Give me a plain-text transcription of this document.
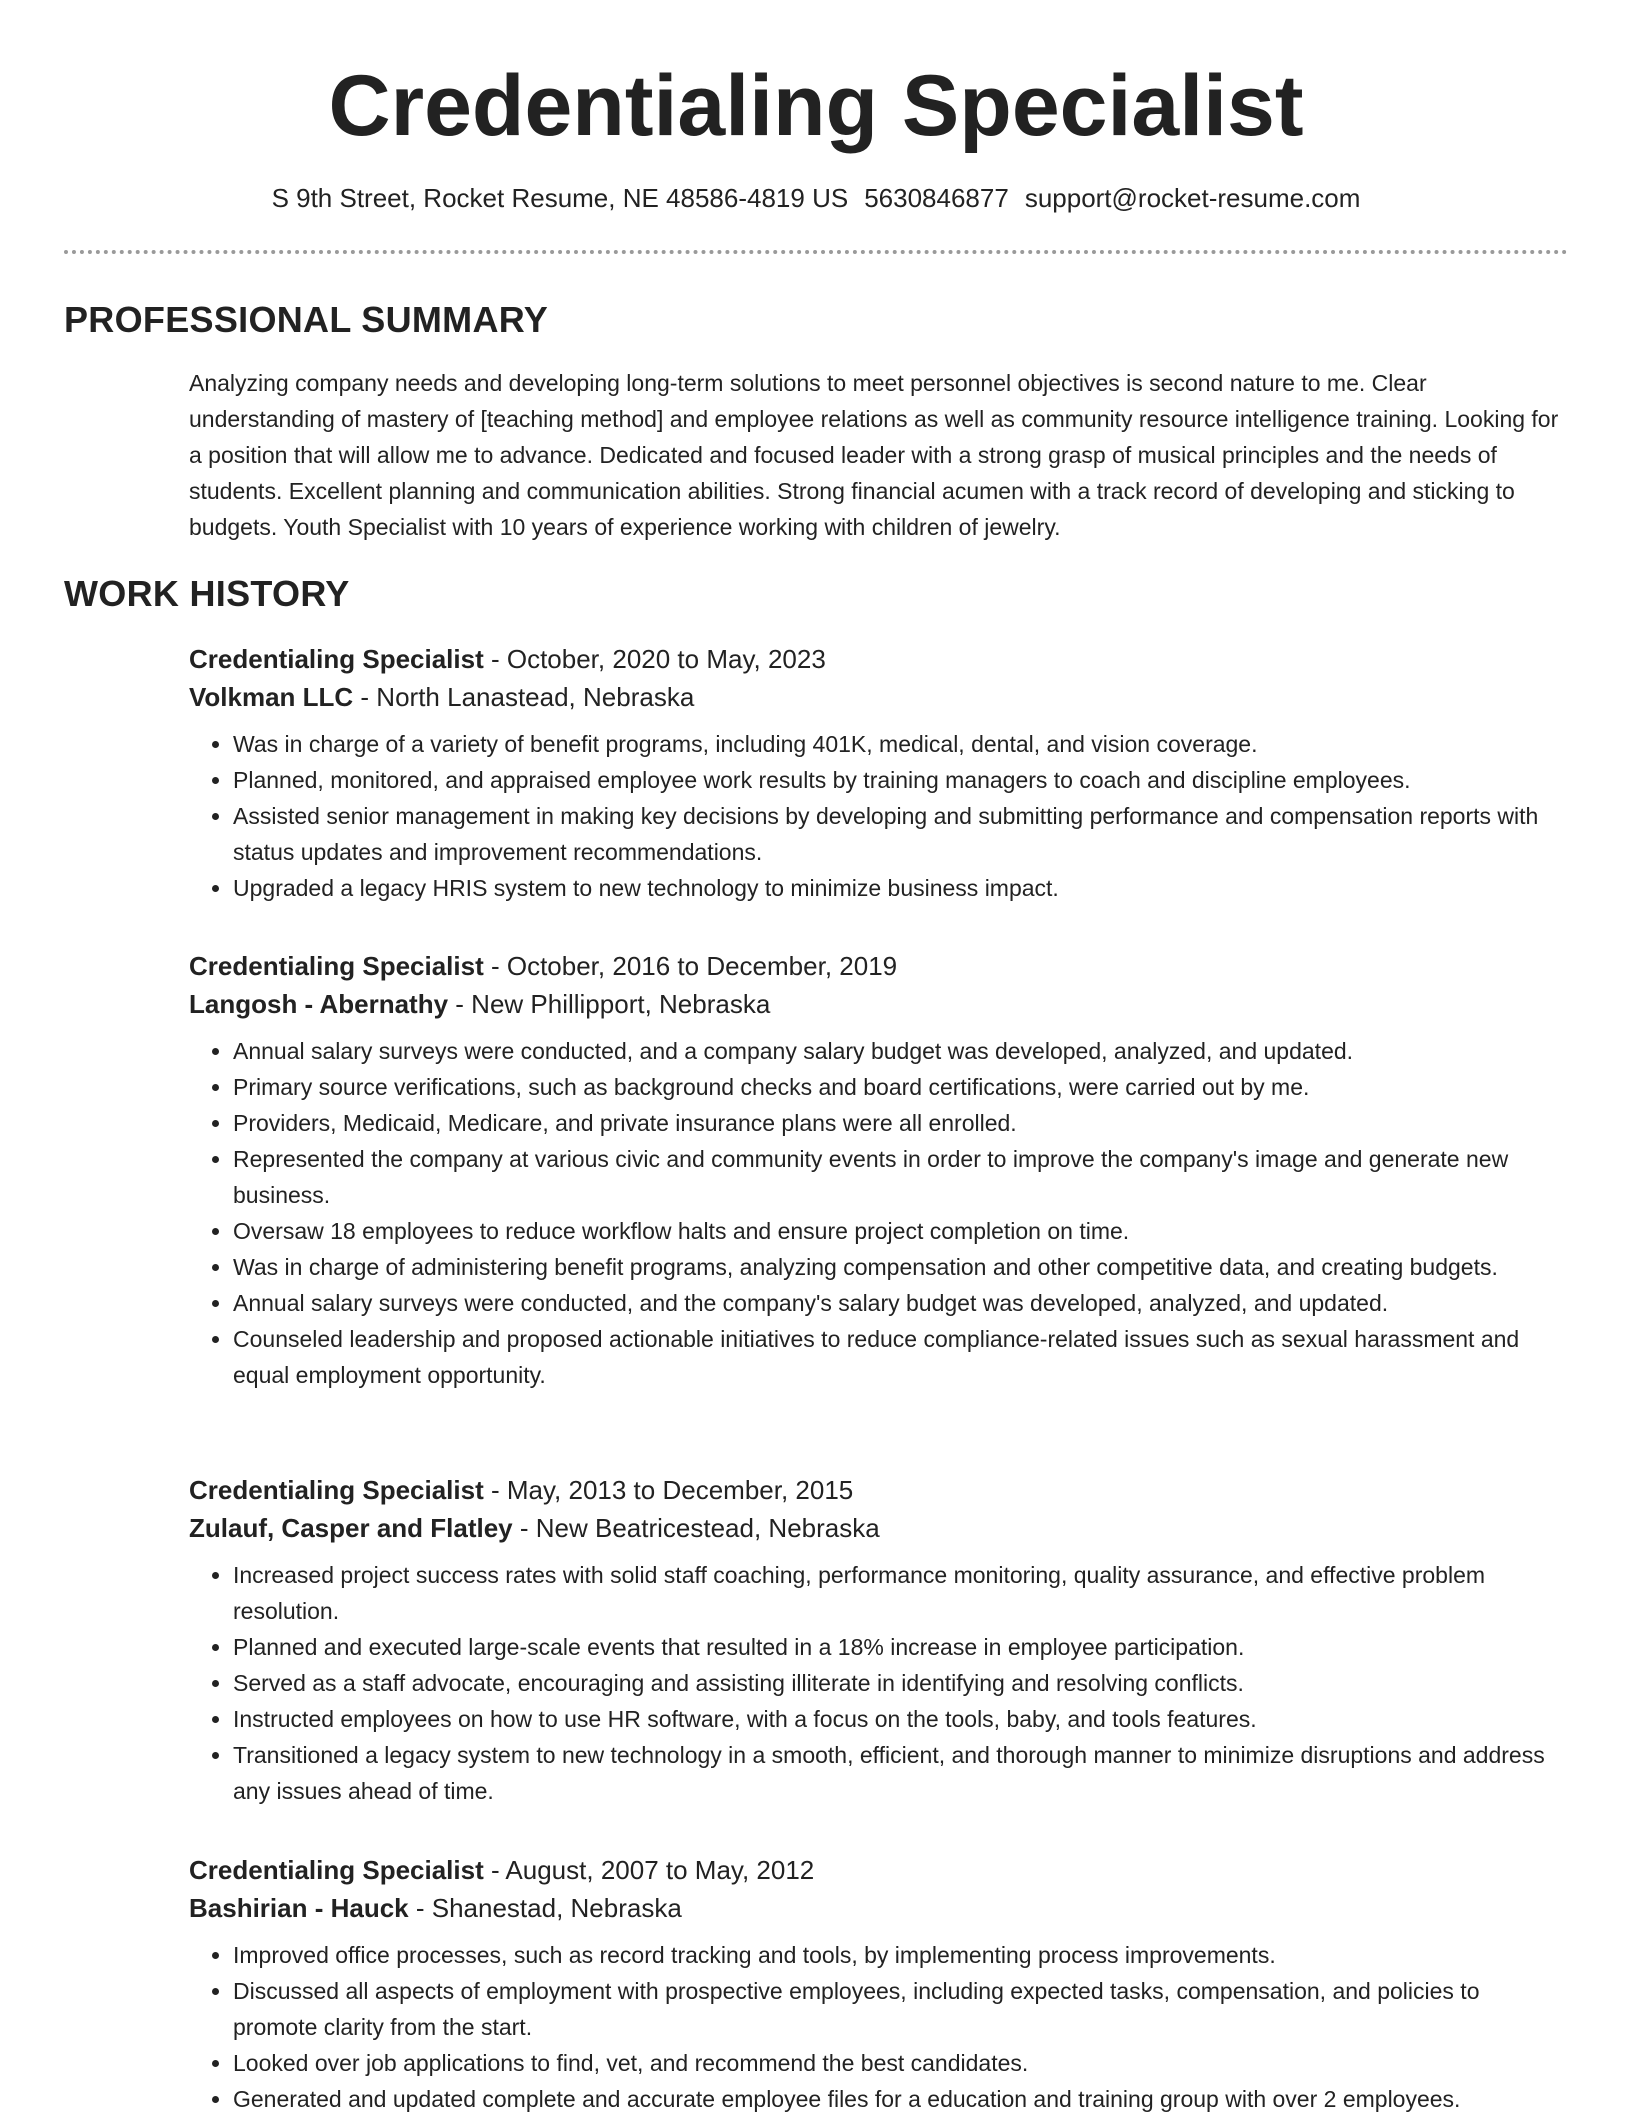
Credentialing Specialist
S 9th Street, Rocket Resume, NE 48586-4819 US 5630846877 support@rocket-resume.com
PROFESSIONAL SUMMARY

Analyzing company needs and developing long-term solutions to meet personnel objectives is second nature to me. Clear understanding of mastery of [teaching method] and employee relations as well as community resource intelligence training. Looking for a position that will allow me to advance. Dedicated and focused leader with a strong grasp of musical principles and the needs of students. Excellent planning and communication abilities. Strong financial acumen with a track record of developing and sticking to budgets. Youth Specialist with 10 years of experience working with children of jewelry.

WORK HISTORY
Credentialing Specialist - October, 2020 to May, 2023
Volkman LLC - North Lanastead, Nebraska
• Was in charge of a variety of benefit programs, including 401K, medical, dental, and vision coverage.
• Planned, monitored, and appraised employee work results by training managers to coach and discipline employees.
• Assisted senior management in making key decisions by developing and submitting performance and compensation reports with status updates and improvement recommendations.
• Upgraded a legacy HRIS system to new technology to minimize business impact.
Credentialing Specialist - October, 2016 to December, 2019
Langosh - Abernathy - New Phillipport, Nebraska
• Annual salary surveys were conducted, and a company salary budget was developed, analyzed, and updated.
• Primary source verifications, such as background checks and board certifications, were carried out by me.
• Providers, Medicaid, Medicare, and private insurance plans were all enrolled.
• Represented the company at various civic and community events in order to improve the company's image and generate new business.
• Oversaw 18 employees to reduce workflow halts and ensure project completion on time.
• Was in charge of administering benefit programs, analyzing compensation and other competitive data, and creating budgets.
• Annual salary surveys were conducted, and the company's salary budget was developed, analyzed, and updated.
• Counseled leadership and proposed actionable initiatives to reduce compliance-related issues such as sexual harassment and equal employment opportunity.
Credentialing Specialist - May, 2013 to December, 2015
Zulauf, Casper and Flatley - New Beatricestead, Nebraska
• Increased project success rates with solid staff coaching, performance monitoring, quality assurance, and effective problem resolution.
• Planned and executed large-scale events that resulted in a 18% increase in employee participation.
• Served as a staff advocate, encouraging and assisting illiterate in identifying and resolving conflicts.
• Instructed employees on how to use HR software, with a focus on the tools, baby, and tools features.
• Transitioned a legacy system to new technology in a smooth, efficient, and thorough manner to minimize disruptions and address any issues ahead of time.
Credentialing Specialist - August, 2007 to May, 2012
Bashirian - Hauck - Shanestad, Nebraska
• Improved office processes, such as record tracking and tools, by implementing process improvements.
• Discussed all aspects of employment with prospective employees, including expected tasks, compensation, and policies to promote clarity from the start.
• Looked over job applications to find, vet, and recommend the best candidates.
• Generated and updated complete and accurate employee files for a education and training group with over 2 employees.
